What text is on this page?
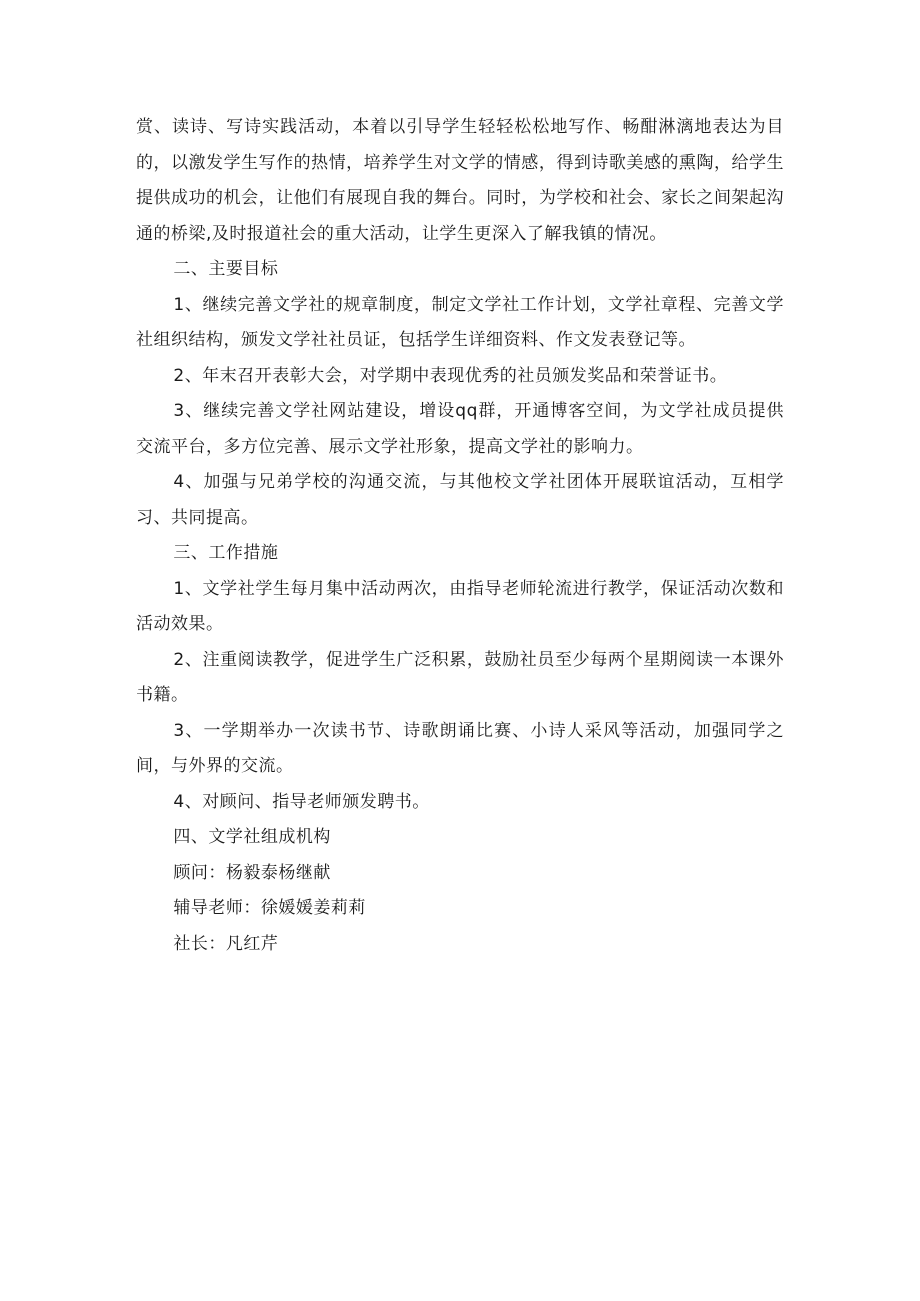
赏、读诗、写诗实践活动，本着以引导学生轻轻松松地写作、畅酣淋漓地表达为目的，以激发学生写作的热情，培养学生对文学的情感，得到诗歌美感的熏陶，给学生提供成功的机会，让他们有展现自我的舞台。同时，为学校和社会、家长之间架起沟通的桥梁,及时报道社会的重大活动，让学生更深入了解我镇的情况。

二、主要目标

1、继续完善文学社的规章制度，制定文学社工作计划，文学社章程、完善文学社组织结构，颁发文学社社员证，包括学生详细资料、作文发表登记等。

2、年末召开表彰大会，对学期中表现优秀的社员颁发奖品和荣誉证书。

3、继续完善文学社网站建设，增设qq群，开通博客空间，为文学社成员提供交流平台，多方位完善、展示文学社形象，提高文学社的影响力。

4、加强与兄弟学校的沟通交流，与其他校文学社团体开展联谊活动，互相学习、共同提高。

三、工作措施

1、文学社学生每月集中活动两次，由指导老师轮流进行教学，保证活动次数和活动效果。

2、注重阅读教学，促进学生广泛积累，鼓励社员至少每两个星期阅读一本课外书籍。

3、一学期举办一次读书节、诗歌朗诵比赛、小诗人采风等活动，加强同学之间，与外界的交流。

4、对顾问、指导老师颁发聘书。

四、文学社组成机构

顾问：杨毅泰杨继献

辅导老师：徐媛媛姜莉莉

社长：凡红芹
